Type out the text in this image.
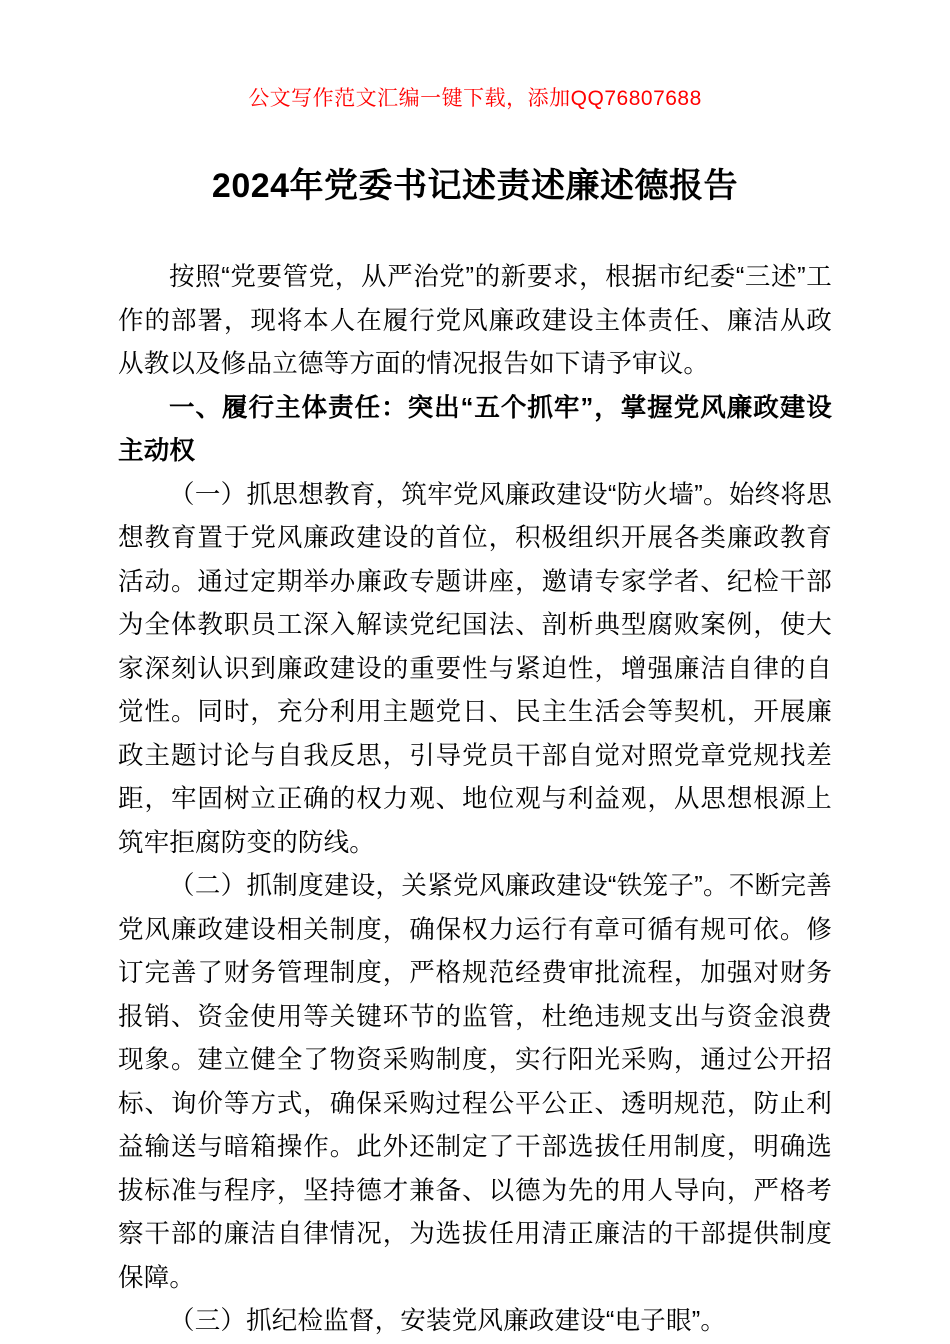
公文写作范文汇编一键下载，添加QQ76807688
2024年党委书记述责述廉述德报告

按照“党要管党，从严治党”的新要求，根据市纪委“三述”工作的部署，现将本人在履行党风廉政建设主体责任、廉洁从政从教以及修品立德等方面的情况报告如下请予审议。

一、履行主体责任：突出“五个抓牢”，掌握党风廉政建设主动权

（一）抓思想教育，筑牢党风廉政建设“防火墙”。始终将思想教育置于党风廉政建设的首位，积极组织开展各类廉政教育活动。通过定期举办廉政专题讲座，邀请专家学者、纪检干部为全体教职员工深入解读党纪国法、剖析典型腐败案例，使大家深刻认识到廉政建设的重要性与紧迫性，增强廉洁自律的自觉性。同时，充分利用主题党日、民主生活会等契机，开展廉政主题讨论与自我反思，引导党员干部自觉对照党章党规找差距，牢固树立正确的权力观、地位观与利益观，从思想根源上筑牢拒腐防变的防线。

（二）抓制度建设，关紧党风廉政建设“铁笼子”。不断完善党风廉政建设相关制度，确保权力运行有章可循有规可依。修订完善了财务管理制度，严格规范经费审批流程，加强对财务报销、资金使用等关键环节的监管，杜绝违规支出与资金浪费现象。建立健全了物资采购制度，实行阳光采购，通过公开招标、询价等方式，确保采购过程公平公正、透明规范，防止利益输送与暗箱操作。此外还制定了干部选拔任用制度，明确选拔标准与程序，坚持德才兼备、以德为先的用人导向，严格考察干部的廉洁自律情况，为选拔任用清正廉洁的干部提供制度保障。

（三）抓纪检监督，安装党风廉政建设“电子眼”。
